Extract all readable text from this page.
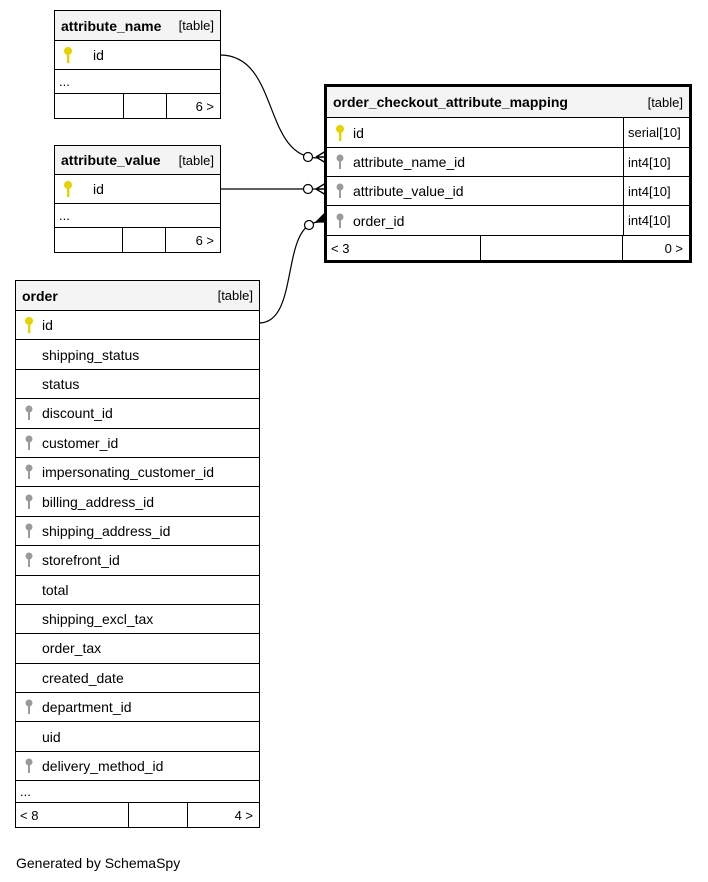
attribute_name [table]
id
...
6 >
attribute_value [table]
id
...
6 >
order_checkout_attribute_mapping	[table]
id	serial[10]
attribute_name_id	int4[10]
attribute_value_id	int4[10]
order_id	int4[10]
< 3	0 >
order	[table]
id
shipping_status
status
discount_id
customer_id
impersonating_customer_id
billing_address_id
shipping_address_id
storefront_id
total
shipping_excl_tax
order_tax
created_date
department_id
uid
delivery_method_id
...
< 8	4 >
Generated by SchemaSpy
